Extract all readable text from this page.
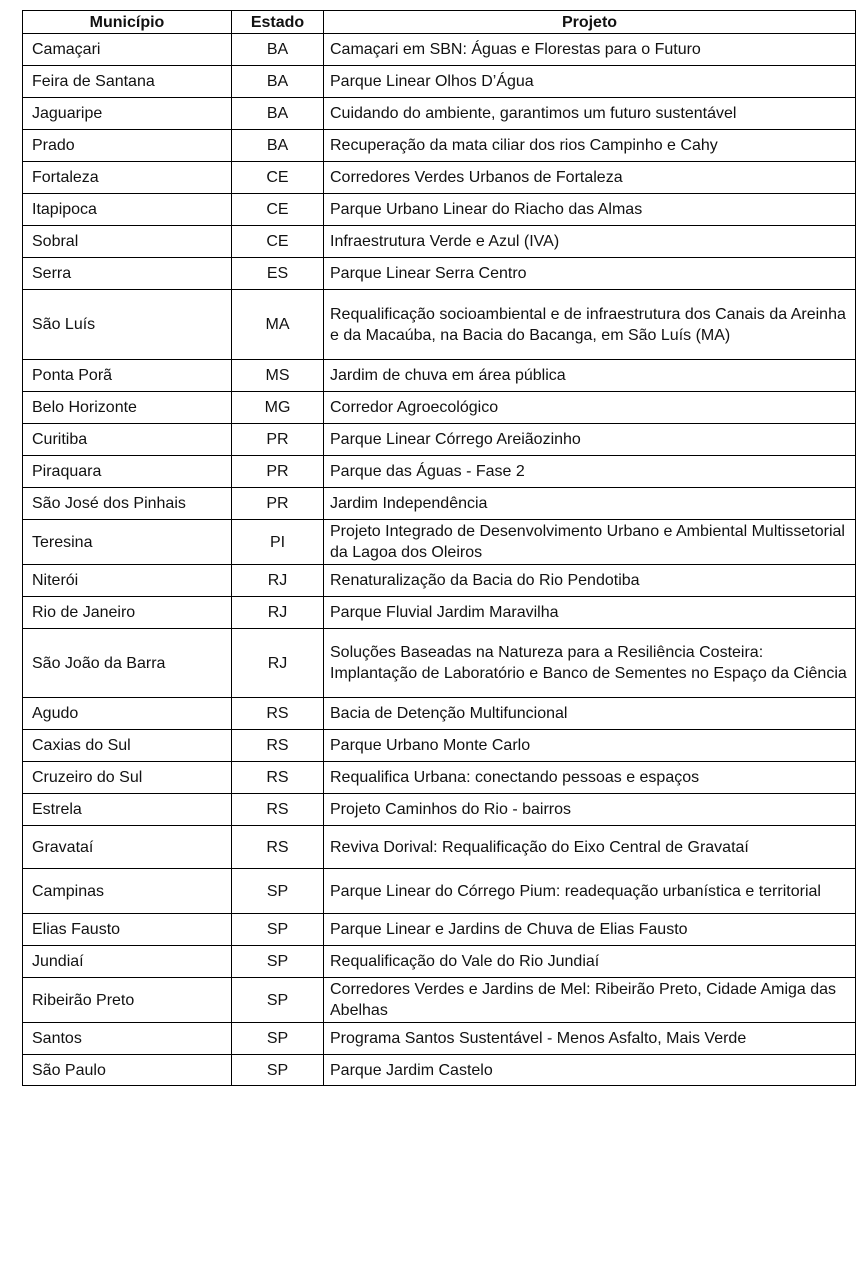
Município	Estado	Projeto
Camaçari	BA	Camaçari em SBN: Águas e Florestas para o Futuro
Feira de Santana	BA	Parque Linear Olhos D’Água
Jaguaripe	BA	Cuidando do ambiente, garantimos um futuro sustentável
Prado	BA	Recuperação da mata ciliar dos rios Campinho e Cahy
Fortaleza	CE	Corredores Verdes Urbanos de Fortaleza
Itapipoca	CE	Parque Urbano Linear do Riacho das Almas
Sobral	CE	Infraestrutura Verde e Azul (IVA)
Serra	ES	Parque Linear Serra Centro
São Luís	MA	Requalificação socioambiental e de infraestrutura dos Canais da Areinha e da Macaúba, na Bacia do Bacanga, em São Luís (MA)
Ponta Porã	MS	Jardim de chuva em área pública
Belo Horizonte	MG	Corredor Agroecológico
Curitiba	PR	Parque Linear Córrego Areiãozinho
Piraquara	PR	Parque das Águas - Fase 2
São José dos Pinhais	PR	Jardim Independência
Teresina	PI	Projeto Integrado de Desenvolvimento Urbano e Ambiental Multissetorial da Lagoa dos Oleiros
Niterói	RJ	Renaturalização da Bacia do Rio Pendotiba
Rio de Janeiro	RJ	Parque Fluvial Jardim Maravilha
São João da Barra	RJ	Soluções Baseadas na Natureza para a Resiliência Costeira: Implantação de Laboratório e Banco de Sementes no Espaço da Ciência
Agudo	RS	Bacia de Detenção Multifuncional
Caxias do Sul	RS	Parque Urbano Monte Carlo
Cruzeiro do Sul	RS	Requalifica Urbana: conectando pessoas e espaços
Estrela	RS	Projeto Caminhos do Rio - bairros
Gravataí	RS	Reviva Dorival: Requalificação do Eixo Central de Gravataí
Campinas	SP	Parque Linear do Córrego Pium: readequação urbanística e territorial
Elias Fausto	SP	Parque Linear e Jardins de Chuva de Elias Fausto
Jundiaí	SP	Requalificação do Vale do Rio Jundiaí
Ribeirão Preto	SP	Corredores Verdes e Jardins de Mel: Ribeirão Preto, Cidade Amiga das Abelhas
Santos	SP	Programa Santos Sustentável - Menos Asfalto, Mais Verde
São Paulo	SP	Parque Jardim Castelo
